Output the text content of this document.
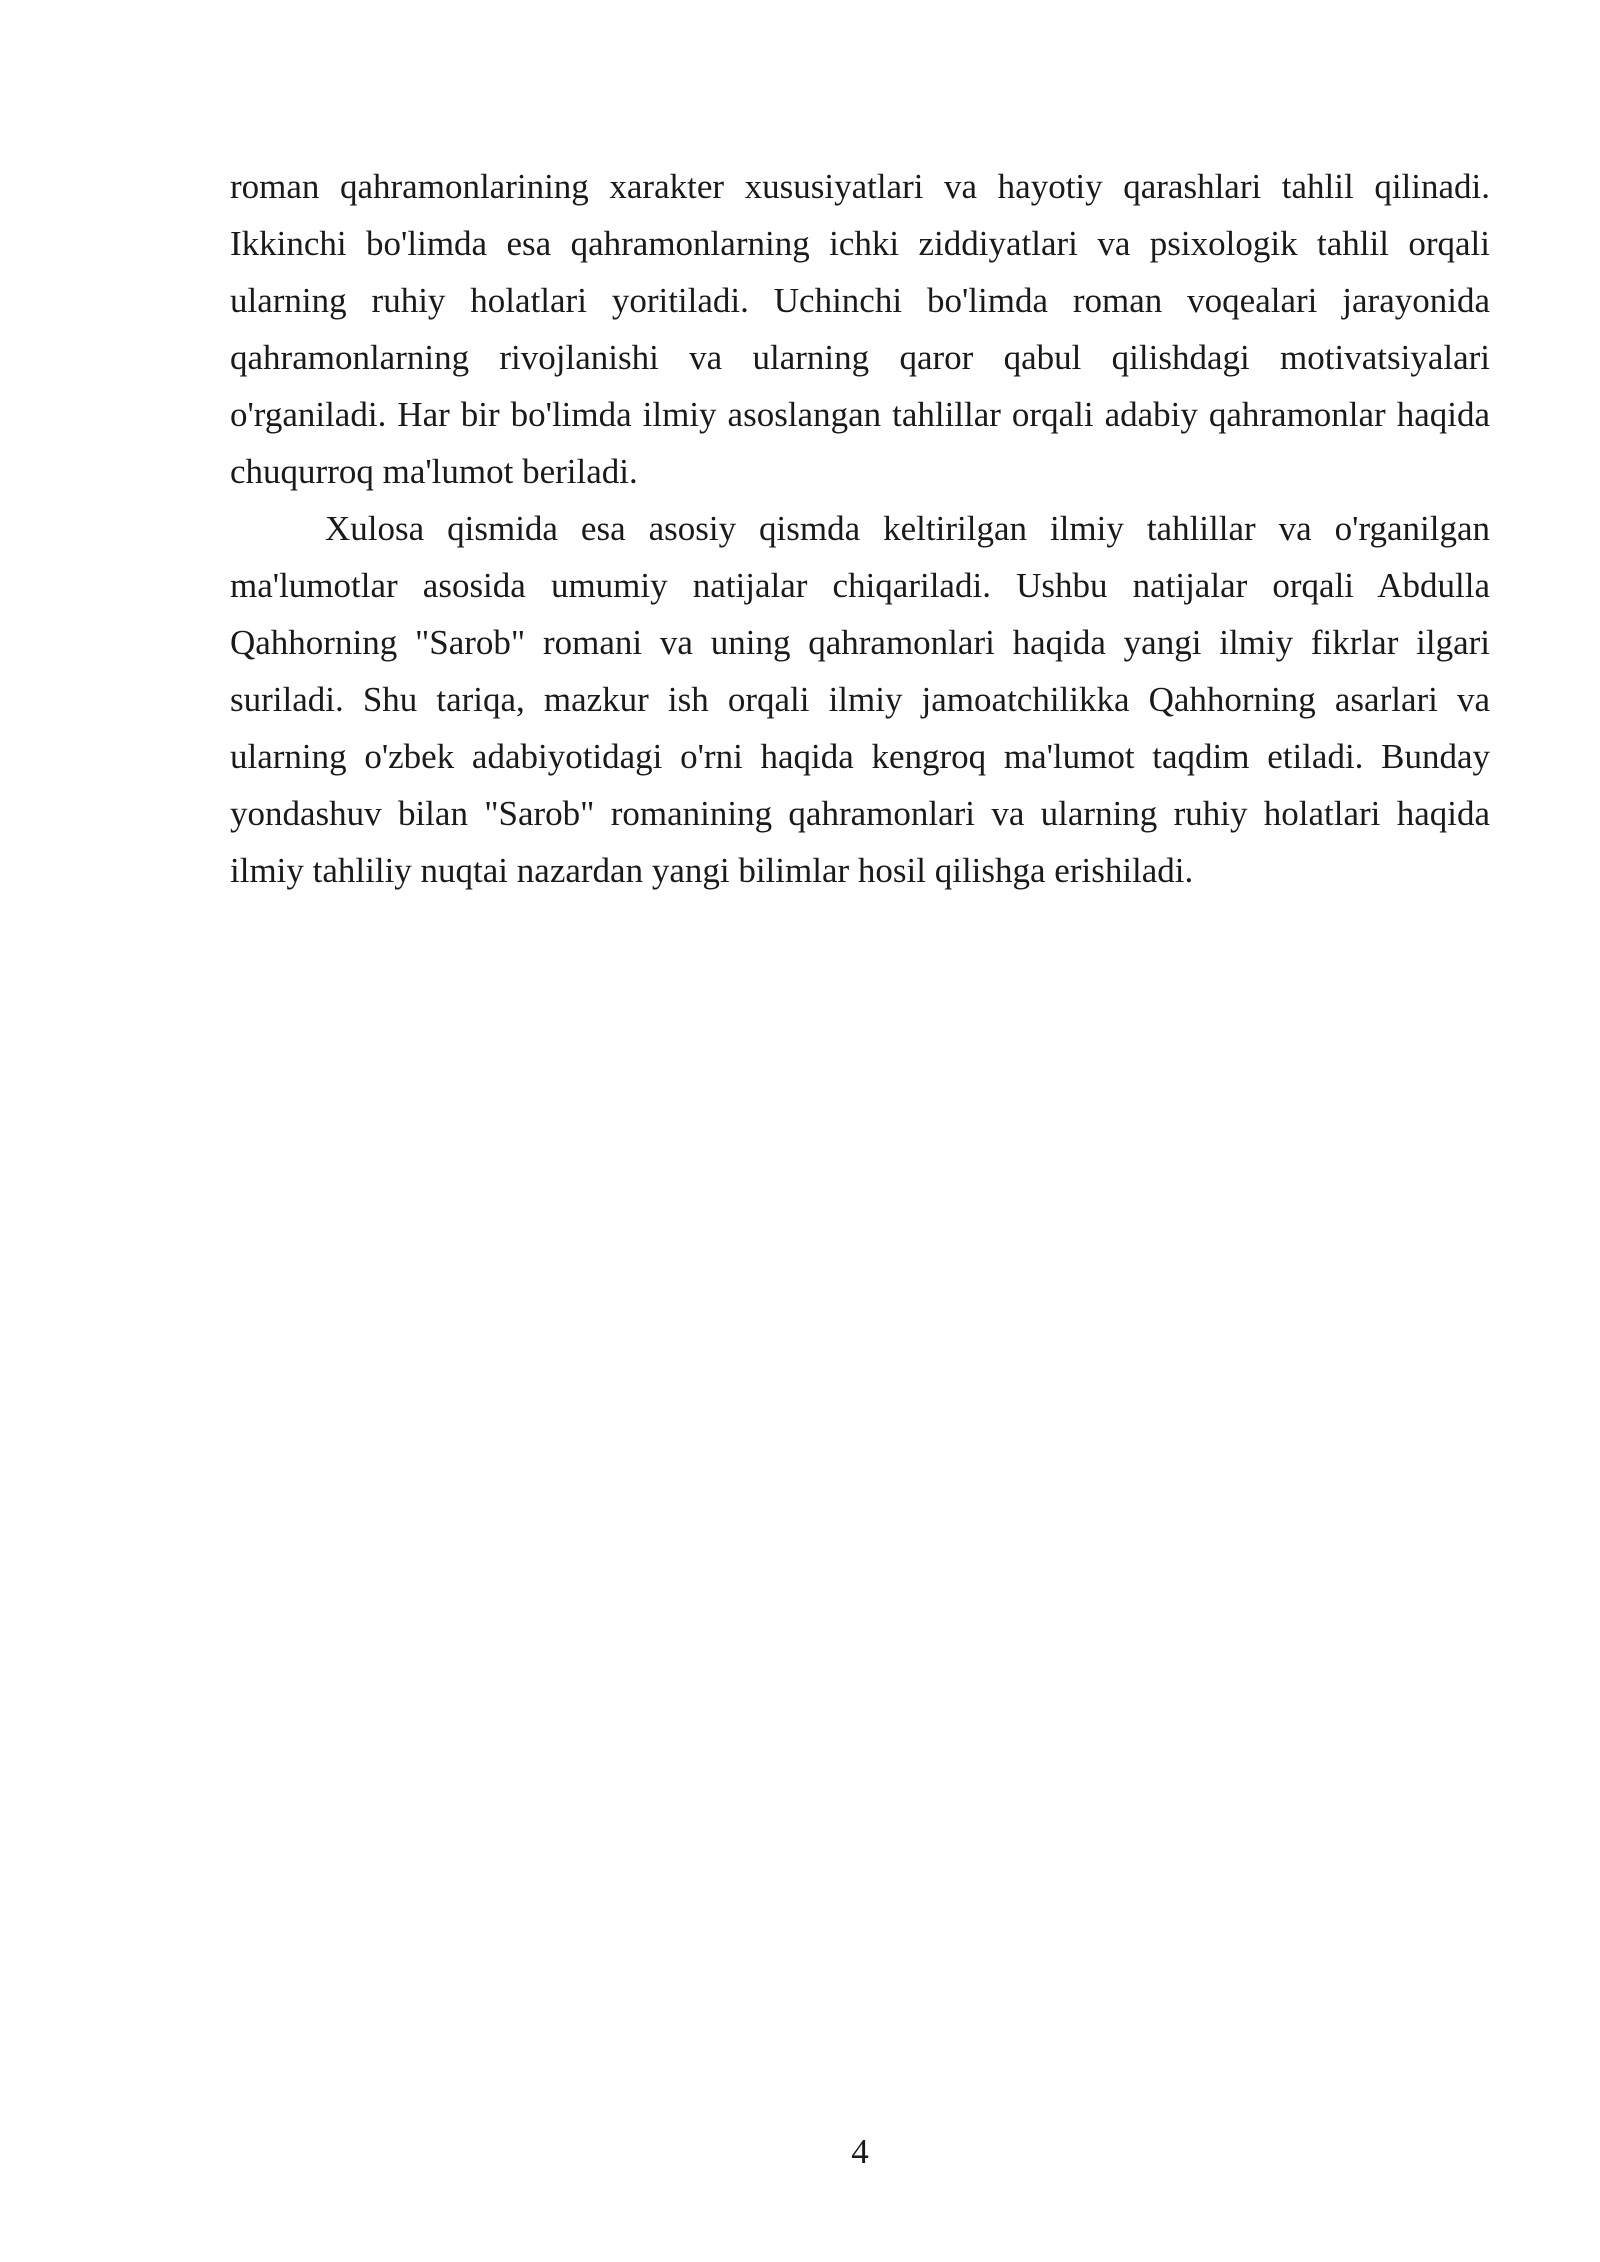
roman qahramonlarining xarakter xususiyatlari va hayotiy qarashlari tahlil qilinadi. Ikkinchi bo'limda esa qahramonlarning ichki ziddiyatlari va psixologik tahlil orqali ularning ruhiy holatlari yoritiladi. Uchinchi bo'limda roman voqealari jarayonida qahramonlarning rivojlanishi va ularning qaror qabul qilishdagi motivatsiyalari o'rganiladi. Har bir bo'limda ilmiy asoslangan tahlillar orqali adabiy qahramonlar haqida chuqurroq ma'lumot beriladi.

Xulosa qismida esa asosiy qismda keltirilgan ilmiy tahlillar va o'rganilgan ma'lumotlar asosida umumiy natijalar chiqariladi. Ushbu natijalar orqali Abdulla Qahhorning "Sarob" romani va uning qahramonlari haqida yangi ilmiy fikrlar ilgari suriladi. Shu tariqa, mazkur ish orqali ilmiy jamoatchilikka Qahhorning asarlari va ularning o'zbek adabiyotidagi o'rni haqida kengroq ma'lumot taqdim etiladi. Bunday yondashuv bilan "Sarob" romanining qahramonlari va ularning ruhiy holatlari haqida ilmiy tahliliy nuqtai nazardan yangi bilimlar hosil qilishga erishiladi.

4
